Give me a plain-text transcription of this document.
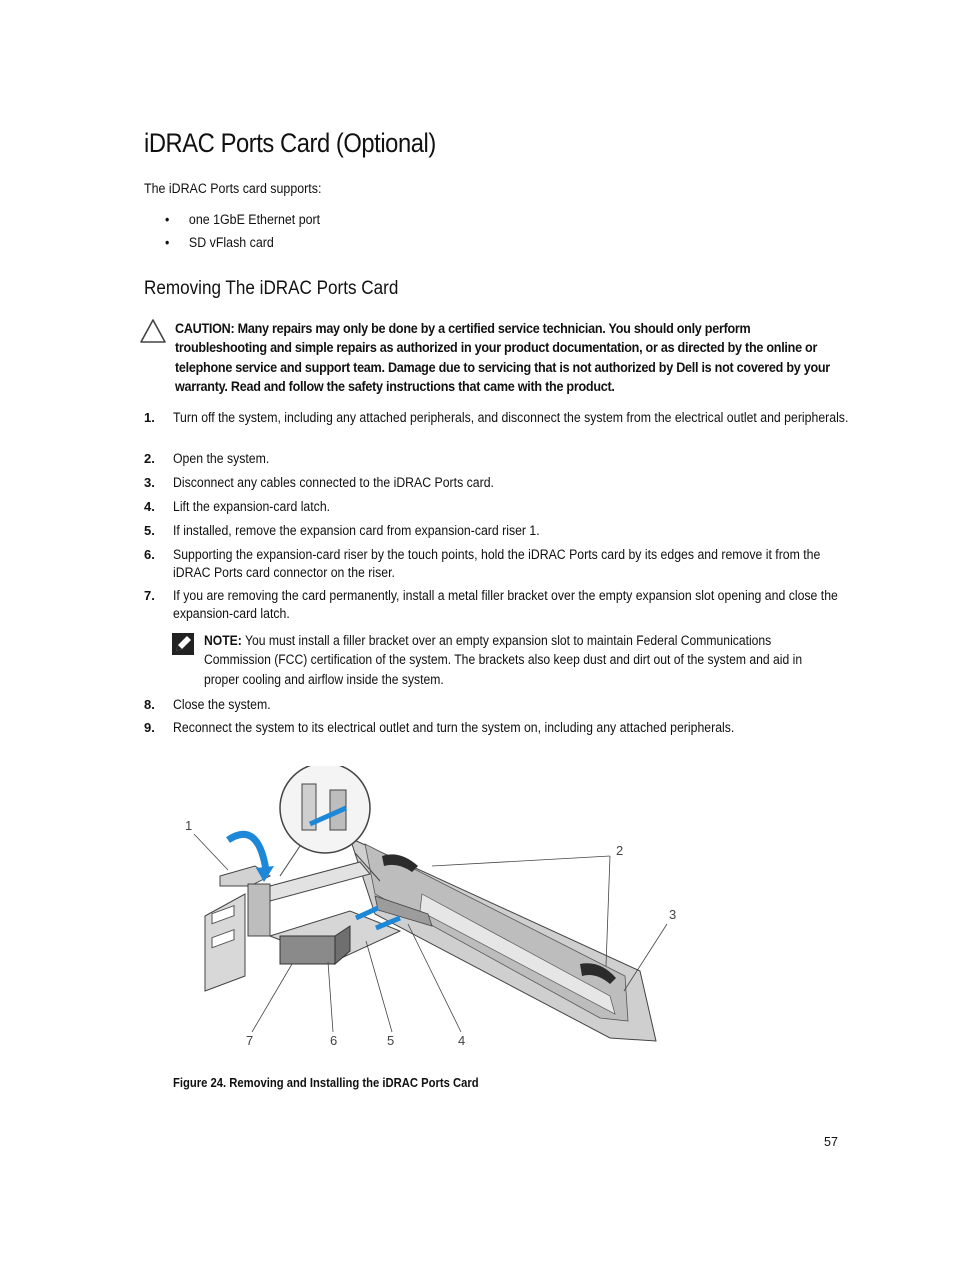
iDRAC Ports Card (Optional)
The iDRAC Ports card supports:
• one 1GbE Ethernet port
• SD vFlash card
Removing The iDRAC Ports Card
CAUTION: Many repairs may only be done by a certified service technician. You should only perform troubleshooting and simple repairs as authorized in your product documentation, or as directed by the online or telephone service and support team. Damage due to servicing that is not authorized by Dell is not covered by your warranty. Read and follow the safety instructions that came with the product.
1. Turn off the system, including any attached peripherals, and disconnect the system from the electrical outlet and peripherals.
2. Open the system.
3. Disconnect any cables connected to the iDRAC Ports card.
4. Lift the expansion-card latch.
5. If installed, remove the expansion card from expansion-card riser 1.
6. Supporting the expansion-card riser by the touch points, hold the iDRAC Ports card by its edges and remove it from the iDRAC Ports card connector on the riser.
7. If you are removing the card permanently, install a metal filler bracket over the empty expansion slot opening and close the expansion-card latch.
8. Close the system.
9. Reconnect the system to its electrical outlet and turn the system on, including any attached peripherals.
NOTE: You must install a filler bracket over an empty expansion slot to maintain Federal Communications Commission (FCC) certification of the system. The brackets also keep dust and dirt out of the system and aid in proper cooling and airflow inside the system.
1
2
3
4
5
6
7
Figure 24. Removing and Installing the iDRAC Ports Card
57
